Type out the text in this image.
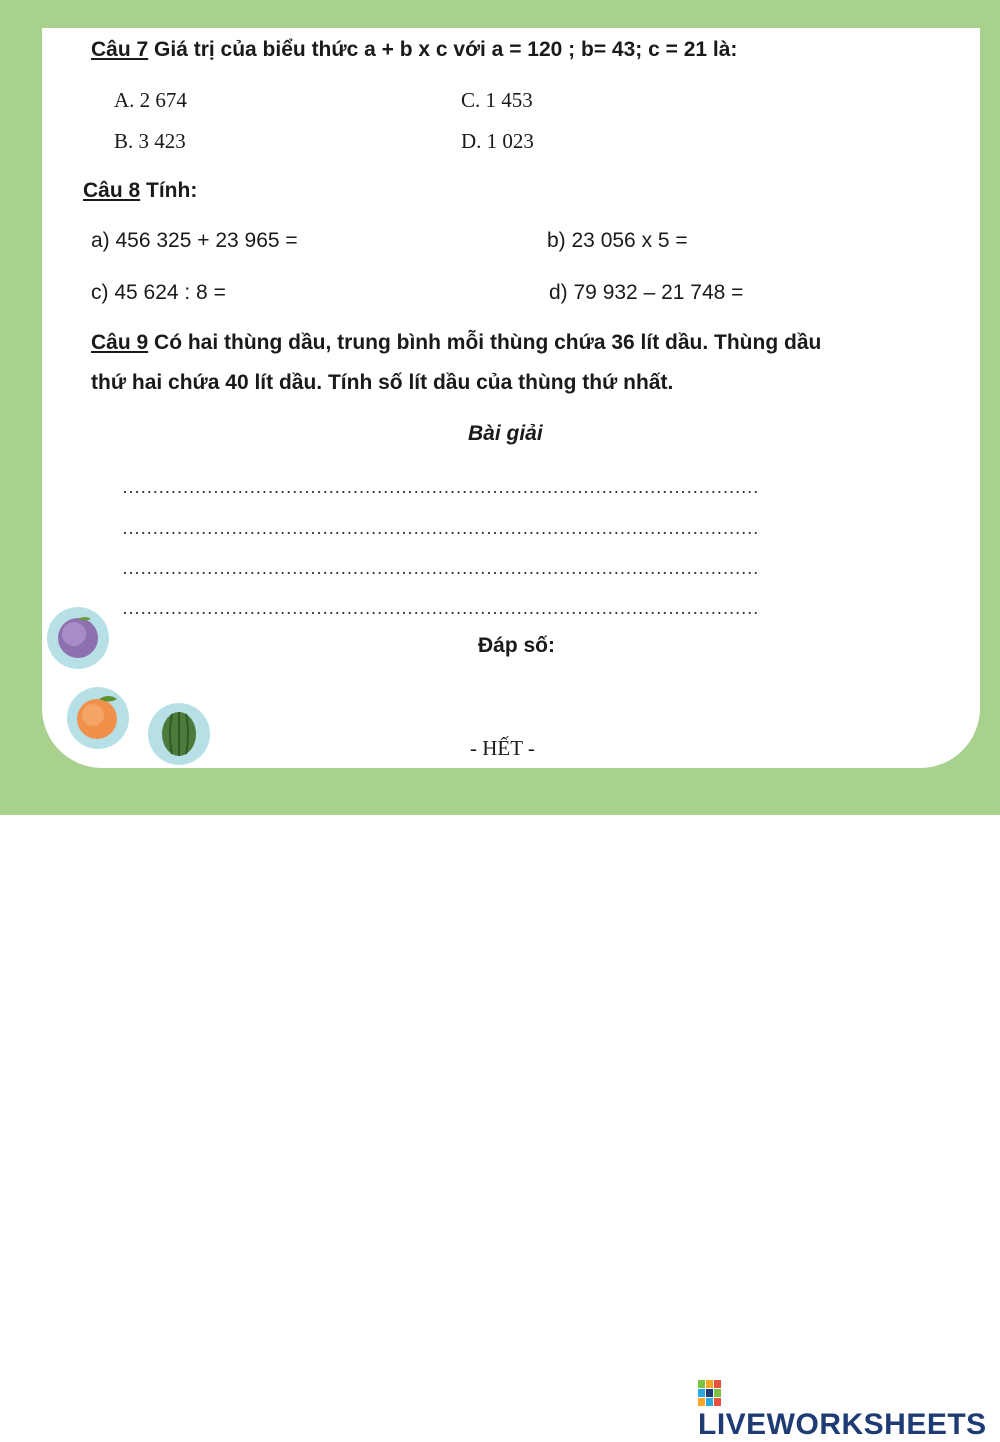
Câu 7 Giá trị của biểu thức a + b x c với a = 120 ; b= 43; c = 21 là:
A. 2 674	C. 1 453
B. 3 423	D. 1 023
Câu 8 Tính:
a) 456 325 + 23 965 =	b) 23 056 x 5 =
c) 45 624 : 8 =	d) 79 932 – 21 748 =
Câu 9 Có hai thùng dầu, trung bình mỗi thùng chứa 36 lít dầu. Thùng dầu
thứ hai chứa 40 lít dầu. Tính số lít dầu của thùng thứ nhất.
Bài giải
……………………………………………………………………………………………
……………………………………………………………………………………………
……………………………………………………………………………………………
……………………………………………………………………………………………
Đáp số:
- HẾT -
LIVEWORKSHEETS
